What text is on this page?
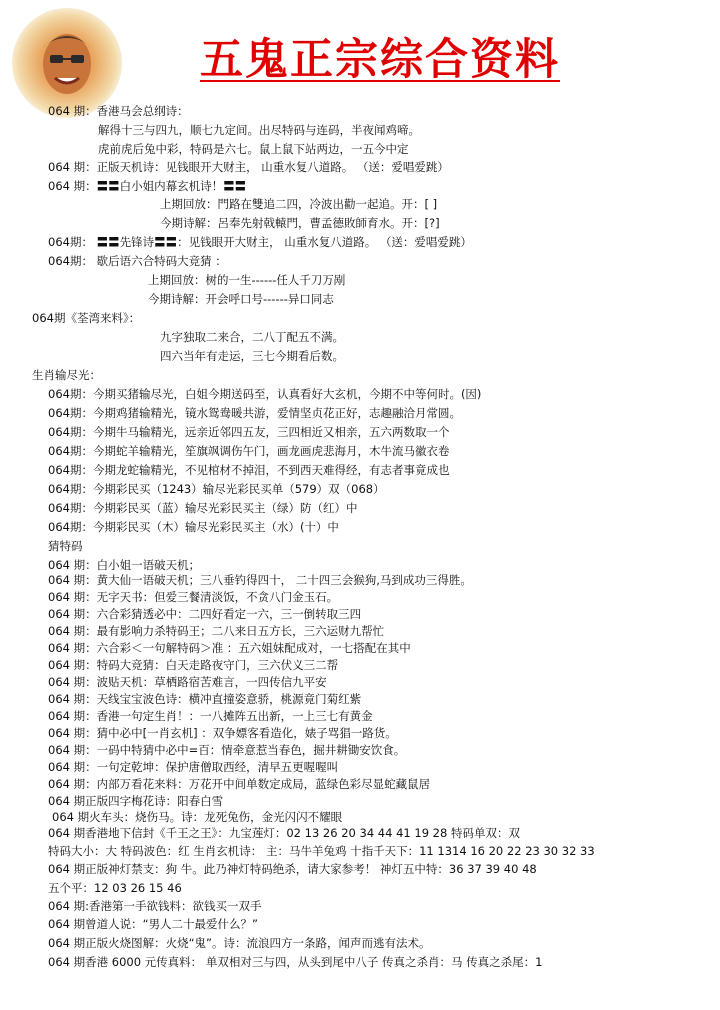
五鬼正宗综合资料
064 期：香港马会总纲诗：
解得十三与四九，顺七九定间。出尽特码与连码，半夜闻鸡啼。
虎前虎后兔中彩，特码是六七。鼠上鼠下站两边，一五今中定
064 期：正版天机诗：见钱眼开大财主， 山重水复八道路。 （送：爱唱爱跳）
064 期：〓〓白小姐内幕玄机诗！〓〓
上期回放：門路在雙追二四，冷波出勸一起追。开：[ ]
今期诗解：呂奉先射戟轅門，曹孟德敗師育水。开：[?]
064期： 〓〓先锋诗〓〓：见钱眼开大财主， 山重水复八道路。 （送：爱唱爱跳）
064期： 歇后语六合特码大竞猜 ：
上期回放：树的一生------任人千刀万剐
今期诗解：开会呼口号------异口同志
064期《荃湾来料》：
九字独取二来合，二八丁配五不满。
四六当年有走运，三七今期看后数。
生肖输尽光：
064期：今期买猪输尽光，白姐今期送码至，认真看好大玄机，今期不中等何时。(因)
064期：今期鸡猪输精光，镜水鸳鸯暖共游，爱情坚贞花正好，志趣融洽月常圆。
064期：今期牛马输精光，远亲近邻四五友，三四相近又相亲，五六两数取一个
064期：今期蛇羊输精光，笙旗飒调伤午门，画龙画虎悲海月，木牛流马徽衣卷
064期：今期龙蛇输精光，不见棺材不掉泪，不到西天难得经，有志者事竟成也
064期：今期彩民买（1243）输尽光彩民买单（579）双（068）
064期：今期彩民买（蓝）输尽光彩民买主（绿）防（红）中
064期：今期彩民买（木）输尽光彩民买主（水）(十）中
猜特码
064 期：白小姐一语破天机；
064 期：黄大仙一语破天机；三八垂钓得四十， 二十四三会猴狗,马到成功三得胜。
064 期：无字天书：但爱三餐清淡饭，不贪八门金玉石。
064 期：六合彩猜透必中：二四好看定一六，三一倒转取三四
064 期：最有影响力杀特码王；二八来日五方长，三六运财九帮忙
064 期：六合彩＜一句解特码＞准 ：五六姐妹配成对，一七搭配在其中
064 期：特码大竞猜：白天走路夜守门，三六伏义三二帮
064 期：波贴天机：草栖路宿苦难言，一四传信九平安
064 期：天线宝宝波色诗：横冲直撞姿意骄，桃源竟门菊红紫
064 期：香港一句定生肖！：一八摊阵五出新，一上三七有黄金
064 期：猜中必中[一肖玄机] ：双争嫖客看造化，婊子骂猖一路货。
064 期：一码中特猜中必中=百：情牵意惹当春色，掘井耕锄安饮食。
064 期：一句定乾坤：保护唐僧取西经，清早五更喔喔叫
064 期：内部万看花来料：万花开中间单数定成局，蓝绿色彩尽显蛇藏鼠居
064 期正版四字梅花诗：阳春白雪
064 期火车头：烧伤马。诗：龙死兔伤，金光闪闪不耀眼
064 期香港地下信封《千王之王》：九宝莲灯：02 13 26 20 34 44 41 19 28 特码单双：双
特码大小：大 特码波色：红 生肖玄机诗： 主：马牛羊兔鸡 十指千天下：11 1314 16 20 22 23 30 32 33
064 期正版神灯禁支：狗 牛。此乃神灯特码绝杀，请大家参考！ 神灯五中特：36 37 39 40 48
五个平：12 03 26 15 46
064 期:香港第一手欲钱料：欲钱买一双手
064 期曾道人说：“男人二十最爱什么？”
064 期正版火烧图解：火烧“鬼”。诗：流浪四方一条路，闻声而逃有法术。
064 期香港 6000 元传真料： 单双相对三与四，从头到尾中八子 传真之杀肖：马 传真之杀尾：1
